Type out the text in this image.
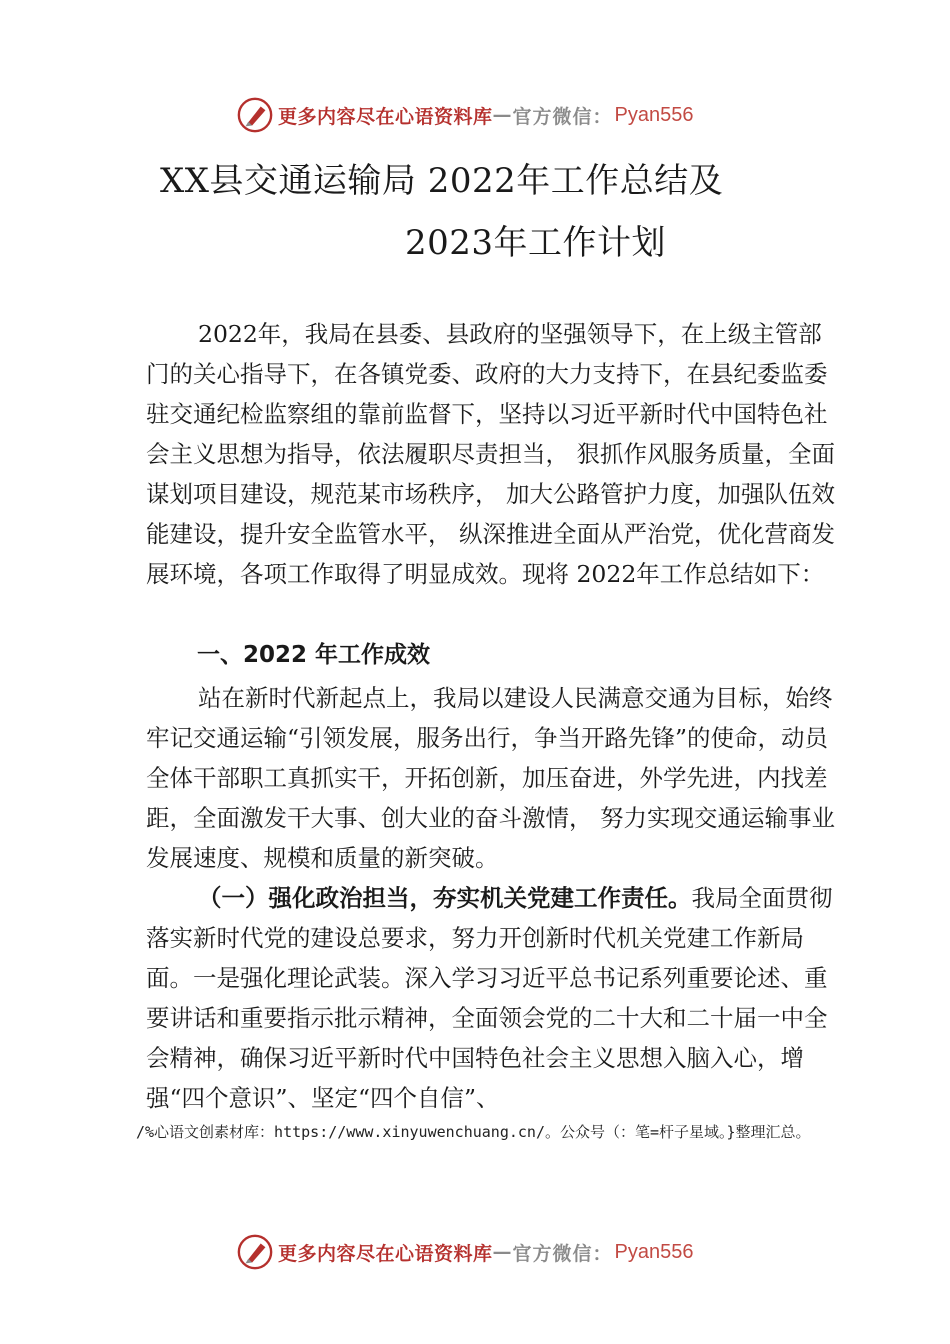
更多内容尽在心语资料库 — 官方微信： Pyan556
XX县交通运输局 2022年工作总结及
2023年工作计划
2022年，我局在县委、县政府的坚强领导下，在上级主管部门的关心指导下，在各镇党委、政府的大力支持下，在县纪委监委驻交通纪检监察组的靠前监督下，坚持以习近平新时代中国特色社会主义思想为指导，依法履职尽责担当， 狠抓作风服务质量，全面谋划项目建设，规范某市场秩序， 加大公路管护力度，加强队伍效能建设，提升安全监管水平， 纵深推进全面从严治党，优化营商发展环境，各项工作取得了明显成效。现将 2022年工作总结如下：
一、2022 年工作成效
站在新时代新起点上，我局以建设人民满意交通为目标，始终牢记交通运输“引领发展，服务出行，争当开路先锋”的使命，动员全体干部职工真抓实干，开拓创新，加压奋进，外学先进，内找差距，全面激发干大事、创大业的奋斗激情， 努力实现交通运输事业发展速度、规模和质量的新突破。
（一）强化政治担当，夯实机关党建工作责任。我局全面贯彻落实新时代党的建设总要求，努力开创新时代机关党建工作新局面。一是强化理论武装。深入学习习近平总书记系列重要论述、重要讲话和重要指示批示精神，全面领会党的二十大和二十届一中全会精神，确保习近平新时代中国特色社会主义思想入脑入心，增强“四个意识”、坚定“四个自信”、
/%心语文创素材库：https://www.xinyuwenchuang.cn/。公众号（：笔=杆子星域。}整理汇总。
更多内容尽在心语资料库 — 官方微信： Pyan556
